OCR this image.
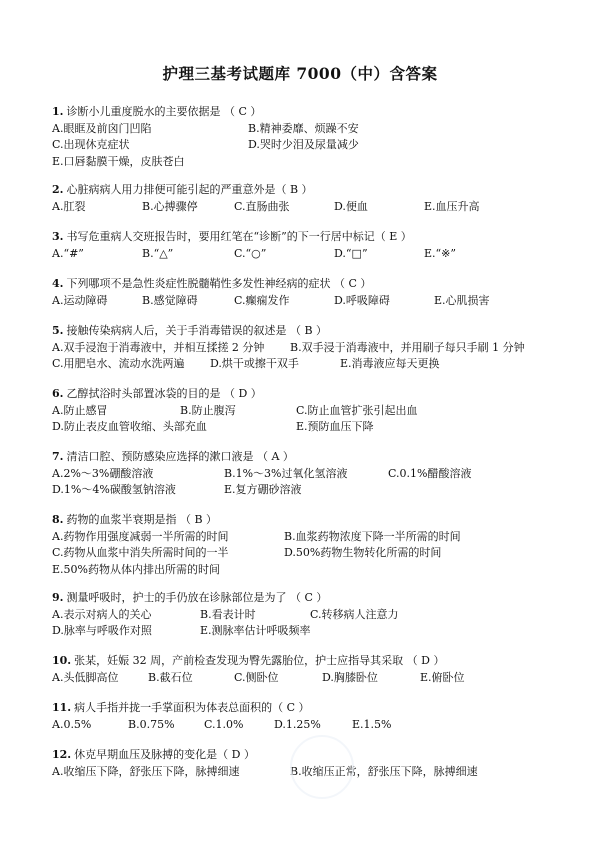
护理三基考试题库 7000（中）含答案
1. 诊断小儿重度脱水的主要依据是 （ C ）
A.眼眶及前囟门凹陷	B.精神委靡、烦躁不安
C.出现休克症状	D.哭时少泪及尿量减少
E.口唇黏膜干燥，皮肤苍白
2. 心脏病病人用力排便可能引起的严重意外是（ B ）
A.肛裂	B.心搏骤停	C.直肠曲张	D.便血	E.血压升高
3. 书写危重病人交班报告时，要用红笔在“诊断”的下一行居中标记（ E ）
A.“#”	B.“△”	C.“○”	D.“□”	E.“※”
4. 下列哪项不是急性炎症性脱髓鞘性多发性神经病的症状 （ C ）
A.运动障碍	B.感觉障碍	C.癫痫发作	D.呼吸障碍	E.心肌损害
5. 接触传染病病人后，关于手消毒错误的叙述是 （ B ）
A.双手浸泡于消毒液中，并相互揉搓 2 分钟 B.双手浸于消毒液中，并用刷子每只手刷 1 分钟
C.用肥皂水、流动水洗两遍 D.烘干或擦干双手	E.消毒液应每天更换
6. 乙醇拭浴时头部置冰袋的目的是 （ D ）
A.防止感冒	B.防止腹泻	C.防止血管扩张引起出血
D.防止表皮血管收缩、头部充血	E.预防血压下降
7. 清洁口腔、预防感染应选择的漱口液是 （ A ）
A.2%～3%硼酸溶液	B.1%～3%过氧化氢溶液	C.0.1%醋酸溶液
D.1%～4%碳酸氢钠溶液	E.复方硼砂溶液
8. 药物的血浆半衰期是指 （ B ）
A.药物作用强度减弱一半所需的时间	B.血浆药物浓度下降一半所需的时间
C.药物从血浆中消失所需时间的一半	D.50%药物生物转化所需的时间
E.50%药物从体内排出所需的时间
9. 测量呼吸时，护士的手仍放在诊脉部位是为了 （ C ）
A.表示对病人的关心	B.看表计时	C.转移病人注意力
D.脉率与呼吸作对照	E.测脉率估计呼吸频率
10. 张某，妊娠 32 周，产前检查发现为臀先露胎位，护士应指导其采取 （ D ）
A.头低脚高位	B.截石位	C.侧卧位	D.胸膝卧位	E.俯卧位
11. 病人手指并拢一手掌面积为体表总面积的（ C ）
A.0.5%	B.0.75%	C.1.0%	D.1.25%	E.1.5%
12. 休克早期血压及脉搏的变化是（ D ）
A.收缩压下降，舒张压下降，脉搏细速	B.收缩压正常，舒张压下降，脉搏细速
